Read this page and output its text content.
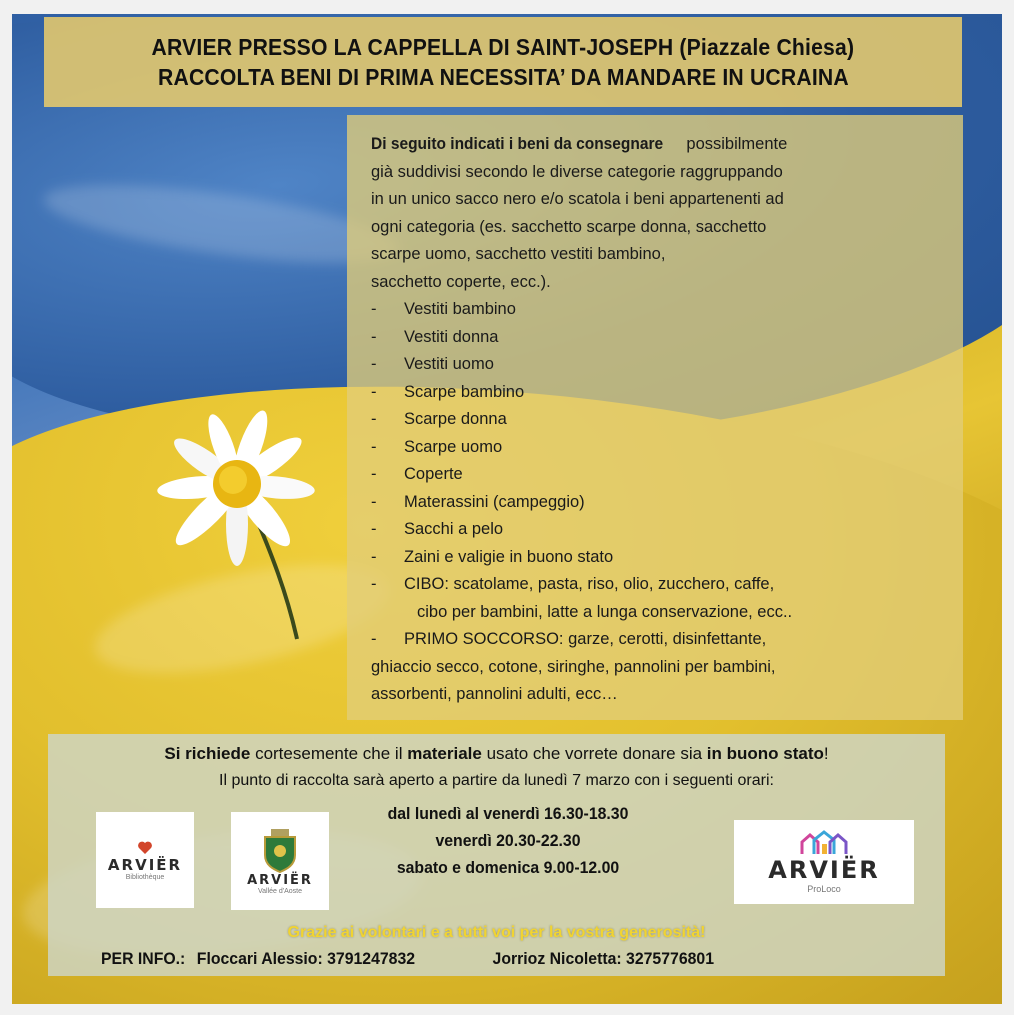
ARVIER PRESSO LA CAPPELLA DI SAINT-JOSEPH (Piazzale Chiesa)
RACCOLTA BENI DI PRIMA NECESSITA’ DA MANDARE IN UCRAINA

Di seguito indicati i beni da consegnare possibilmente

già suddivisi secondo le diverse categorie raggruppando

in un unico sacco nero e/o scatola i beni appartenenti ad

ogni categoria (es. sacchetto scarpe donna, sacchetto

scarpe uomo, sacchetto vestiti bambino,

sacchetto coperte, ecc.).

-	Vestiti bambino
-	Vestiti donna
-	Vestiti uomo
-	Scarpe bambino
-	Scarpe donna
-	Scarpe uomo
-	Coperte
-	Materassini (campeggio)
-	Sacchi a pelo
-	Zaini e valigie in buono stato
-	CIBO: scatolame, pasta, riso, olio, zucchero, caffe,
cibo per bambini, latte a lunga conservazione, ecc..
-	PRIMO SOCCORSO: garze, cerotti, disinfettante,

ghiaccio secco, cotone, siringhe, pannolini per bambini,

assorbenti, pannolini adulti, ecc…

Si richiede cortesemente che il materiale usato che vorrete donare sia in buono stato!
Il punto di raccolta sarà aperto a partire da lunedì 7 marzo con i seguenti orari:
ARVIËR
Bibliothèque	ARVIËR
Vallée d'Aoste
dal lunedì al venerdì 16.30-18.30
venerdì 20.30-22.30
sabato e domenica 9.00-12.00	ARVIËR
ProLoco
Grazie ai volontari e a tutti voi per la vostra generosità!
PER INFO.: Floccari Alessio: 3791247832	Jorrioz Nicoletta: 3275776801
